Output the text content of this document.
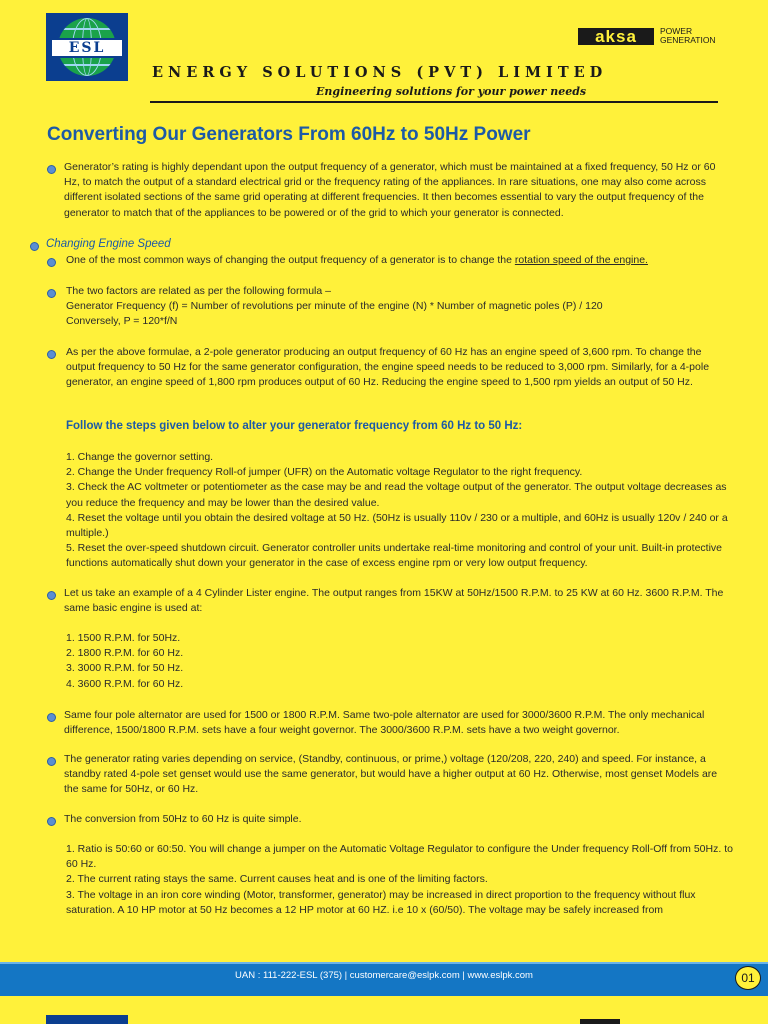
ESL
aksa	POWER
GENERATION
ENERGY SOLUTIONS (PVT) LIMITED
Engineering solutions for your power needs
Converting Our Generators From 60Hz to 50Hz Power
Generator’s rating is highly dependant upon the output frequency of a generator, which must be maintained at a fixed frequency, 50 Hz or 60 Hz, to match the output of a standard electrical grid or the frequency rating of the appliances. In rare situations, one may also come across different isolated sections of the same grid operating at different frequencies. It then becomes essential to vary the output frequency of the generator to match that of the appliances to be powered or of the grid to which your generator is connected.
Changing Engine Speed
One of the most common ways of changing the output frequency of a generator is to change the rotation speed of the engine.
The two factors are related as per the following formula –
Generator Frequency (f) = Number of revolutions per minute of the engine (N) * Number of magnetic poles (P) / 120
Conversely, P = 120*f/N
As per the above formulae, a 2-pole generator producing an output frequency of 60 Hz has an engine speed of 3,600 rpm. To change the output frequency to 50 Hz for the same generator configuration, the engine speed needs to be reduced to 3,000 rpm. Similarly, for a 4-pole generator, an engine speed of 1,800 rpm produces output of 60 Hz. Reducing the engine speed to 1,500 rpm yields an output of 50 Hz.
Follow the steps given below to alter your generator frequency from 60 Hz to 50 Hz:
1. Change the governor setting.
2. Change the Under frequency Roll-of jumper (UFR) on the Automatic voltage Regulator to the right frequency.
3. Check the AC voltmeter or potentiometer as the case may be and read the voltage output of the generator. The output voltage decreases as you reduce the frequency and may be lower than the desired value.
4. Reset the voltage until you obtain the desired voltage at 50 Hz. (50Hz is usually 110v / 230 or a multiple, and 60Hz is usually 120v / 240 or a multiple.)
5. Reset the over-speed shutdown circuit. Generator controller units undertake real-time monitoring and control of your unit. Built-in protective functions automatically shut down your generator in the case of excess engine rpm or very low output frequency.
Let us take an example of a 4 Cylinder Lister engine. The output ranges from 15KW at 50Hz/1500 R.P.M. to 25 KW at 60 Hz. 3600 R.P.M. The same basic engine is used at:
1. 1500 R.P.M. for 50Hz.
2. 1800 R.P.M. for 60 Hz.
3. 3000 R.P.M. for 50 Hz.
4. 3600 R.P.M. for 60 Hz.
Same four pole alternator are used for 1500 or 1800 R.P.M. Same two-pole alternator are used for 3000/3600 R.P.M. The only mechanical difference, 1500/1800 R.P.M. sets have a four weight governor. The 3000/3600 R.P.M. sets have a two weight governor.
The generator rating varies depending on service, (Standby, continuous, or prime,) voltage (120/208, 220, 240) and speed. For instance, a standby rated 4-pole set genset would use the same generator, but would have a higher output at 60 Hz. Otherwise, most genset Models are the same for 50Hz, or 60 Hz.
The conversion from 50Hz to 60 Hz is quite simple.
1. Ratio is 50:60 or 60:50. You will change a jumper on the Automatic Voltage Regulator to configure the Under frequency Roll-Off from 50Hz. to 60 Hz.
2. The current rating stays the same. Current causes heat and is one of the limiting factors.
3. The voltage in an iron core winding (Motor, transformer, generator) may be increased in direct proportion to the frequency without flux saturation. A 10 HP motor at 50 Hz becomes a 12 HP motor at 60 HZ. i.e 10 x (60/50). The voltage may be safely increased from
UAN : 111-222-ESL (375) | customercare@eslpk.com | www.eslpk.com	01
